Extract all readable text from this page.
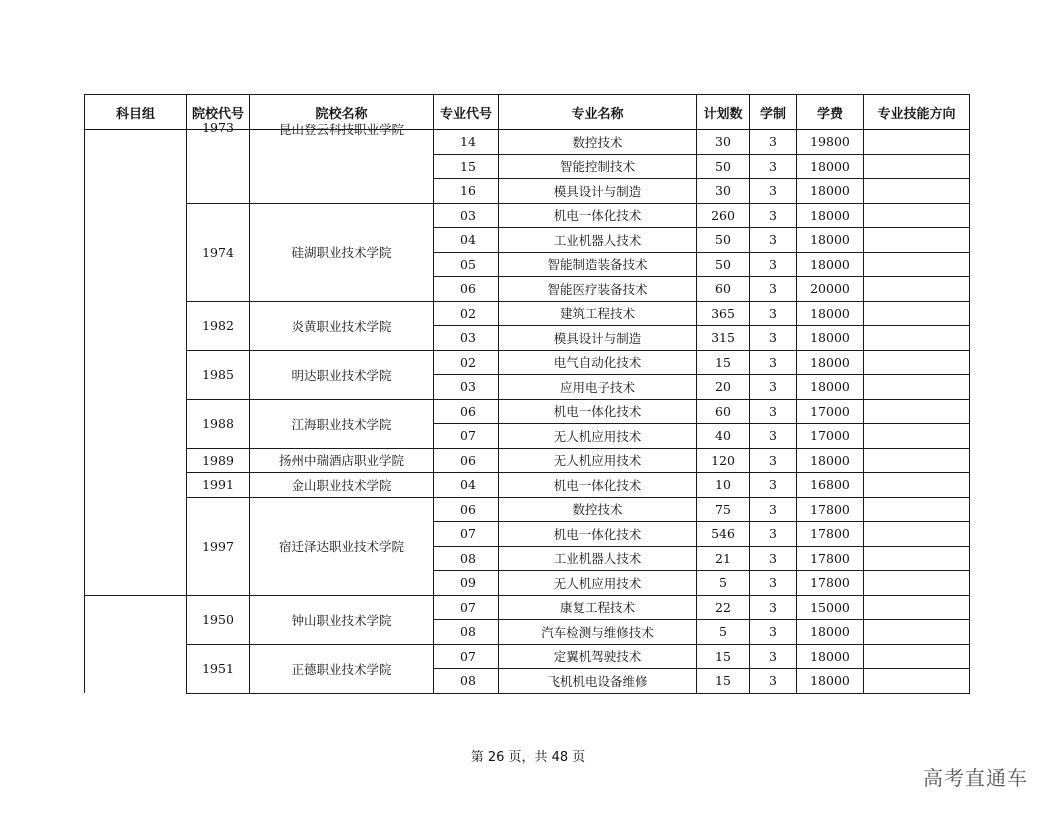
科目组	院校代号	院校名称	专业代号	专业名称	计划数	学制	学费	专业技能方向

	1973	昆山登云科技职业学院	14	数控技术	30	3	19800	
			15	智能控制技术	50	3	18000	
			16	模具设计与制造	30	3	18000	
	1974	硅湖职业技术学院	03	机电一体化技术	260	3	18000	
			04	工业机器人技术	50	3	18000	
			05	智能制造装备技术	50	3	18000	
			06	智能医疗装备技术	60	3	20000	
	1982	炎黄职业技术学院	02	建筑工程技术	365	3	18000	
			03	模具设计与制造	315	3	18000	
	1985	明达职业技术学院	02	电气自动化技术	15	3	18000	
			03	应用电子技术	20	3	18000	
	1988	江海职业技术学院	06	机电一体化技术	60	3	17000	
			07	无人机应用技术	40	3	17000	
	1989	扬州中瑞酒店职业学院	06	无人机应用技术	120	3	18000	
	1991	金山职业技术学院	04	机电一体化技术	10	3	16800	
	1997	宿迁泽达职业技术学院	06	数控技术	75	3	17800	
			07	机电一体化技术	546	3	17800	
			08	工业机器人技术	21	3	17800	
			09	无人机应用技术	5	3	17800	
	1950	钟山职业技术学院	07	康复工程技术	22	3	15000	
			08	汽车检测与维修技术	5	3	18000	
	1951	正德职业技术学院	07	定翼机驾驶技术	15	3	18000	
			08	飞机机电设备维修	15	3	18000	
第 26 页，共 48 页
高考直通车
